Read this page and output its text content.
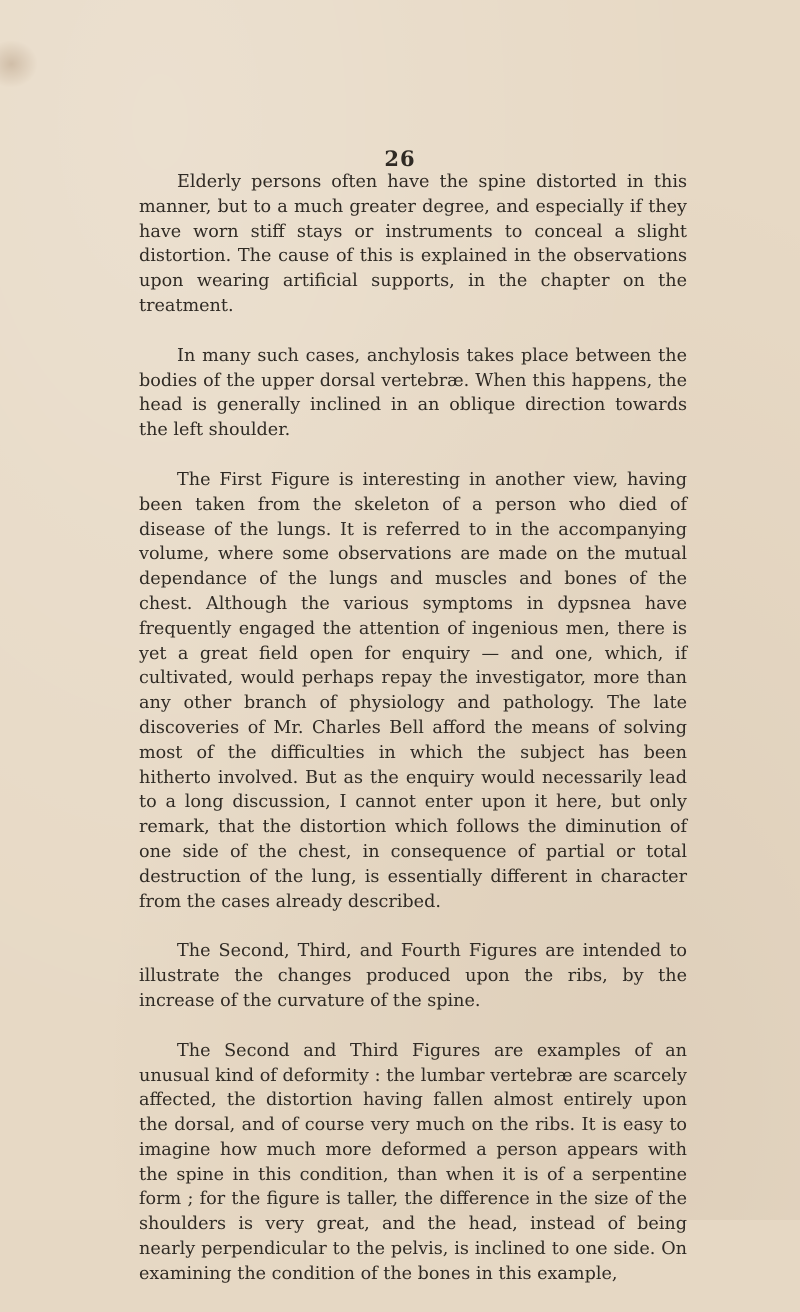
26

Elderly persons often have the spine distorted in this manner, but to a much greater degree, and especially if they have worn stiff stays or instruments to conceal a slight distortion. The cause of this is explained in the observations upon wearing artificial supports, in the chapter on the treatment.

In many such cases, anchylosis takes place between the bodies of the upper dorsal vertebræ. When this happens, the head is generally inclined in an oblique direction towards the left shoulder.

The First Figure is interesting in another view, having been taken from the skeleton of a person who died of disease of the lungs. It is referred to in the accompanying volume, where some observations are made on the mutual dependance of the lungs and muscles and bones of the chest. Although the various symptoms in dypsnea have frequently engaged the attention of ingenious men, there is yet a great field open for enquiry — and one, which, if cultivated, would perhaps repay the investigator, more than any other branch of physiology and pathology. The late discoveries of Mr. Charles Bell afford the means of solving most of the difficulties in which the subject has been hitherto involved. But as the enquiry would necessarily lead to a long discussion, I cannot enter upon it here, but only remark, that the distortion which follows the diminution of one side of the chest, in consequence of partial or total destruction of the lung, is essentially different in character from the cases already described.

The Second, Third, and Fourth Figures are intended to illustrate the changes produced upon the ribs, by the increase of the curvature of the spine.

The Second and Third Figures are examples of an unusual kind of deformity : the lumbar vertebræ are scarcely affected, the distortion having fallen almost entirely upon the dorsal, and of course very much on the ribs. It is easy to imagine how much more deformed a person appears with the spine in this condition, than when it is of a serpentine form ; for the figure is taller, the difference in the size of the shoulders is very great, and the head, instead of being nearly perpendicular to the pelvis, is inclined to one side. On examining the condition of the bones in this example,
